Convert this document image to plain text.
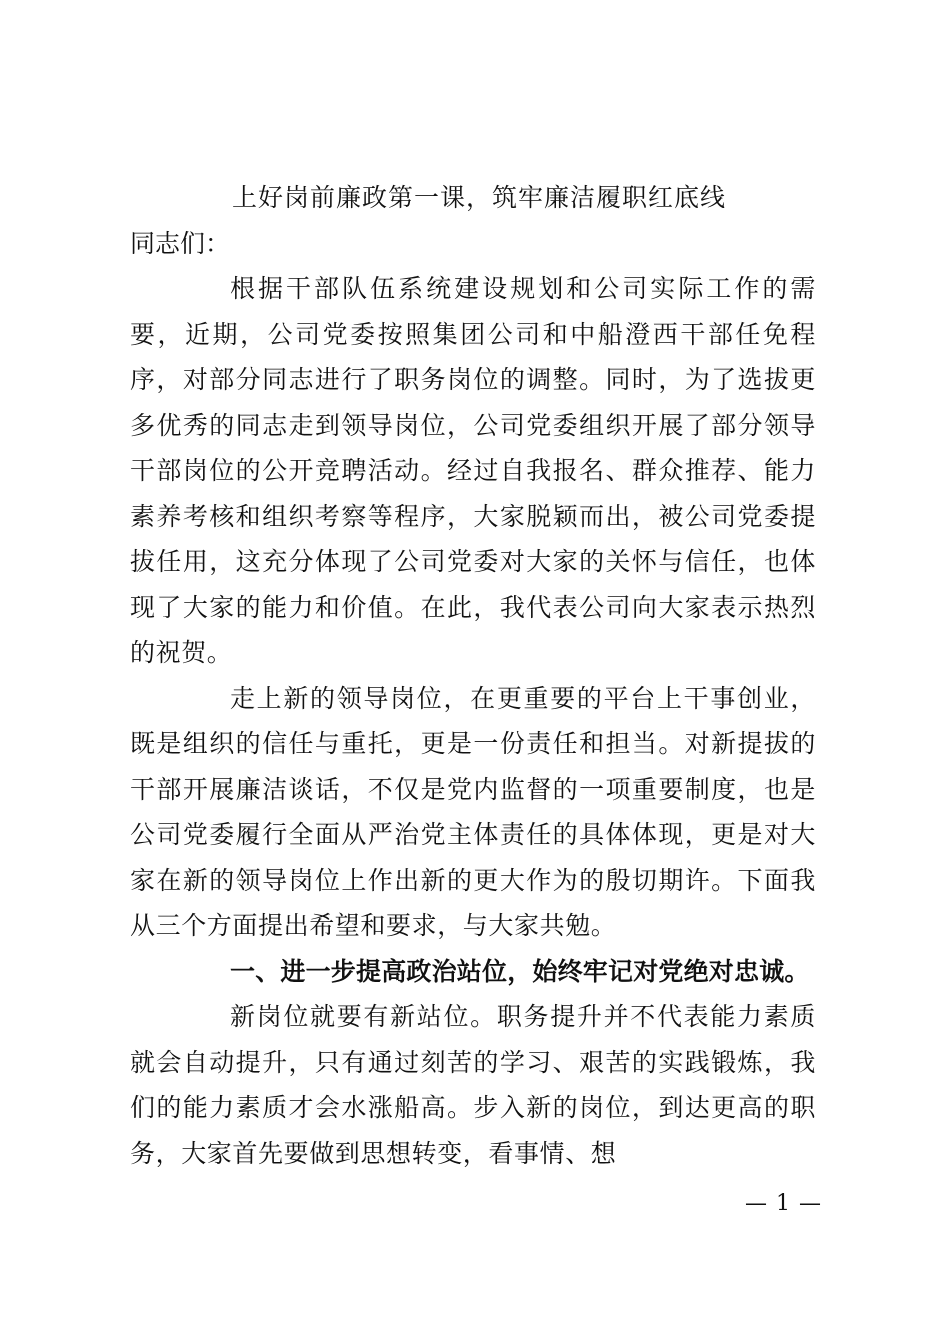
上好岗前廉政第一课，筑牢廉洁履职红底线

同志们：

根据干部队伍系统建设规划和公司实际工作的需要，近期，公司党委按照集团公司和中船澄西干部任免程序，对部分同志进行了职务岗位的调整。同时，为了选拔更多优秀的同志走到领导岗位，公司党委组织开展了部分领导干部岗位的公开竞聘活动。经过自我报名、群众推荐、能力素养考核和组织考察等程序，大家脱颖而出，被公司党委提拔任用，这充分体现了公司党委对大家的关怀与信任，也体现了大家的能力和价值。在此，我代表公司向大家表示热烈的祝贺。

走上新的领导岗位，在更重要的平台上干事创业，既是组织的信任与重托，更是一份责任和担当。对新提拔的干部开展廉洁谈话，不仅是党内监督的一项重要制度，也是公司党委履行全面从严治党主体责任的具体体现，更是对大家在新的领导岗位上作出新的更大作为的殷切期许。下面我从三个方面提出希望和要求，与大家共勉。

一、进一步提高政治站位，始终牢记对党绝对忠诚。

新岗位就要有新站位。职务提升并不代表能力素质就会自动提升，只有通过刻苦的学习、艰苦的实践锻炼，我们的能力素质才会水涨船高。步入新的岗位，到达更高的职务，大家首先要做到思想转变，看事情、想

— 1 —
